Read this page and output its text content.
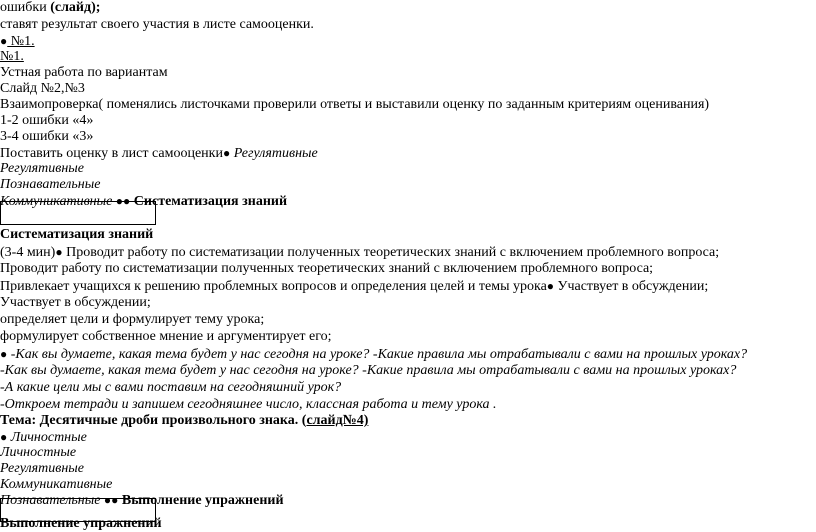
ошибки (слайд);
ставят результат своего участия в листе самооценки.
● №1.
№1.
Устная работа по вариантам
Слайд №2,№3
Взаимопроверка( поменялись листочками проверили ответы и выставили оценку по заданным критериям оценивания)
1-2 ошибки «4»
3-4 ошибки «3»
Поставить оценку в лист самооценки● Регулятивные
Регулятивные
Познавательные
Коммуникативные ●● Систематизация знаний
Систематизация знаний
(3-4 мин)● Проводит работу по систематизации полученных теоретических знаний с включением проблемного вопроса;
Проводит работу по систематизации полученных теоретических знаний с включением проблемного вопроса;
Привлекает учащихся к решению проблемных вопросов и определения целей и темы урока● Участвует в обсуждении;
Участвует в обсуждении;
определяет цели и формулирует тему урока;
формулирует собственное мнение и аргументирует его;
● -Как вы думаете, какая тема будет у нас сегодня на уроке? -Какие правила мы отрабатывали с вами на прошлых уроках?
-Как вы думаете, какая тема будет у нас сегодня на уроке? -Какие правила мы отрабатывали с вами на прошлых уроках?
-А какие цели мы с вами поставим на сегодняшний урок?
-Откроем тетради и запишем сегодняшнее число, классная работа и тему урока .
Тема: Десятичные дроби произвольного знака. (слайд№4)
● Личностные
Личностные
Регулятивные
Коммуникативные
Познавательные ●● Выполнение упражнений
Выполнение упражнений
